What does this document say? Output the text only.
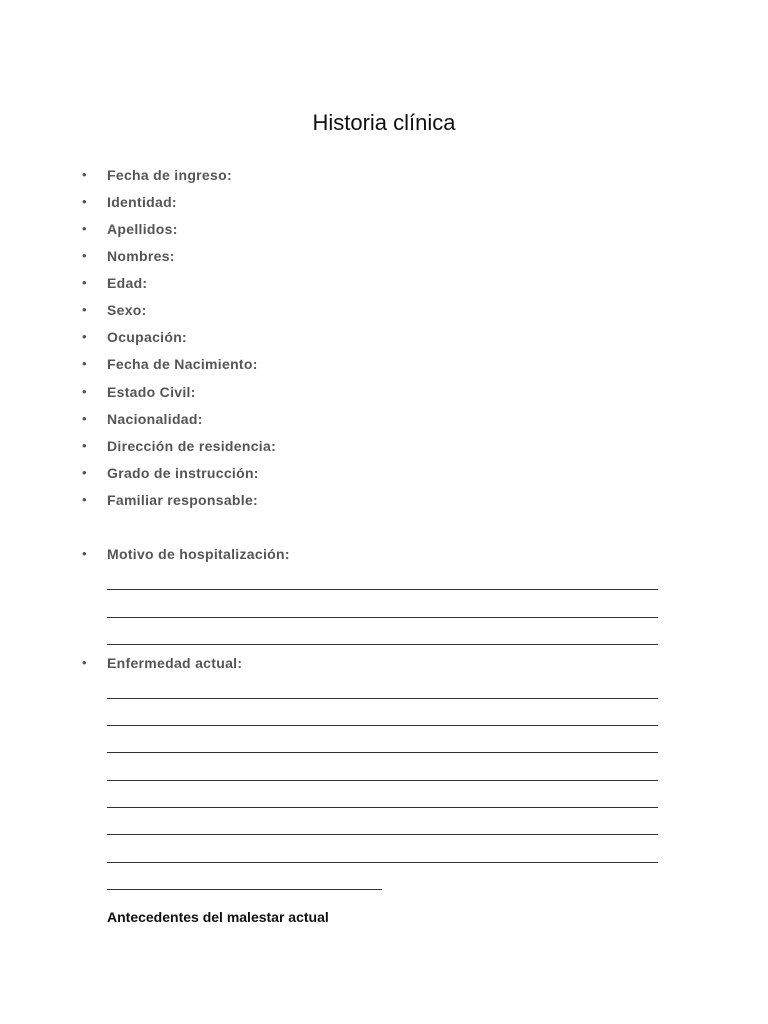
Historia clínica
• Fecha de ingreso:
• Identidad:
• Apellidos:
• Nombres:
• Edad:
• Sexo:
• Ocupación:
• Fecha de Nacimiento:
• Estado Civil:
• Nacionalidad:
• Dirección de residencia:
• Grado de instrucción:
• Familiar responsable:
• Motivo de hospitalización:
• Enfermedad actual:
Antecedentes del malestar actual
